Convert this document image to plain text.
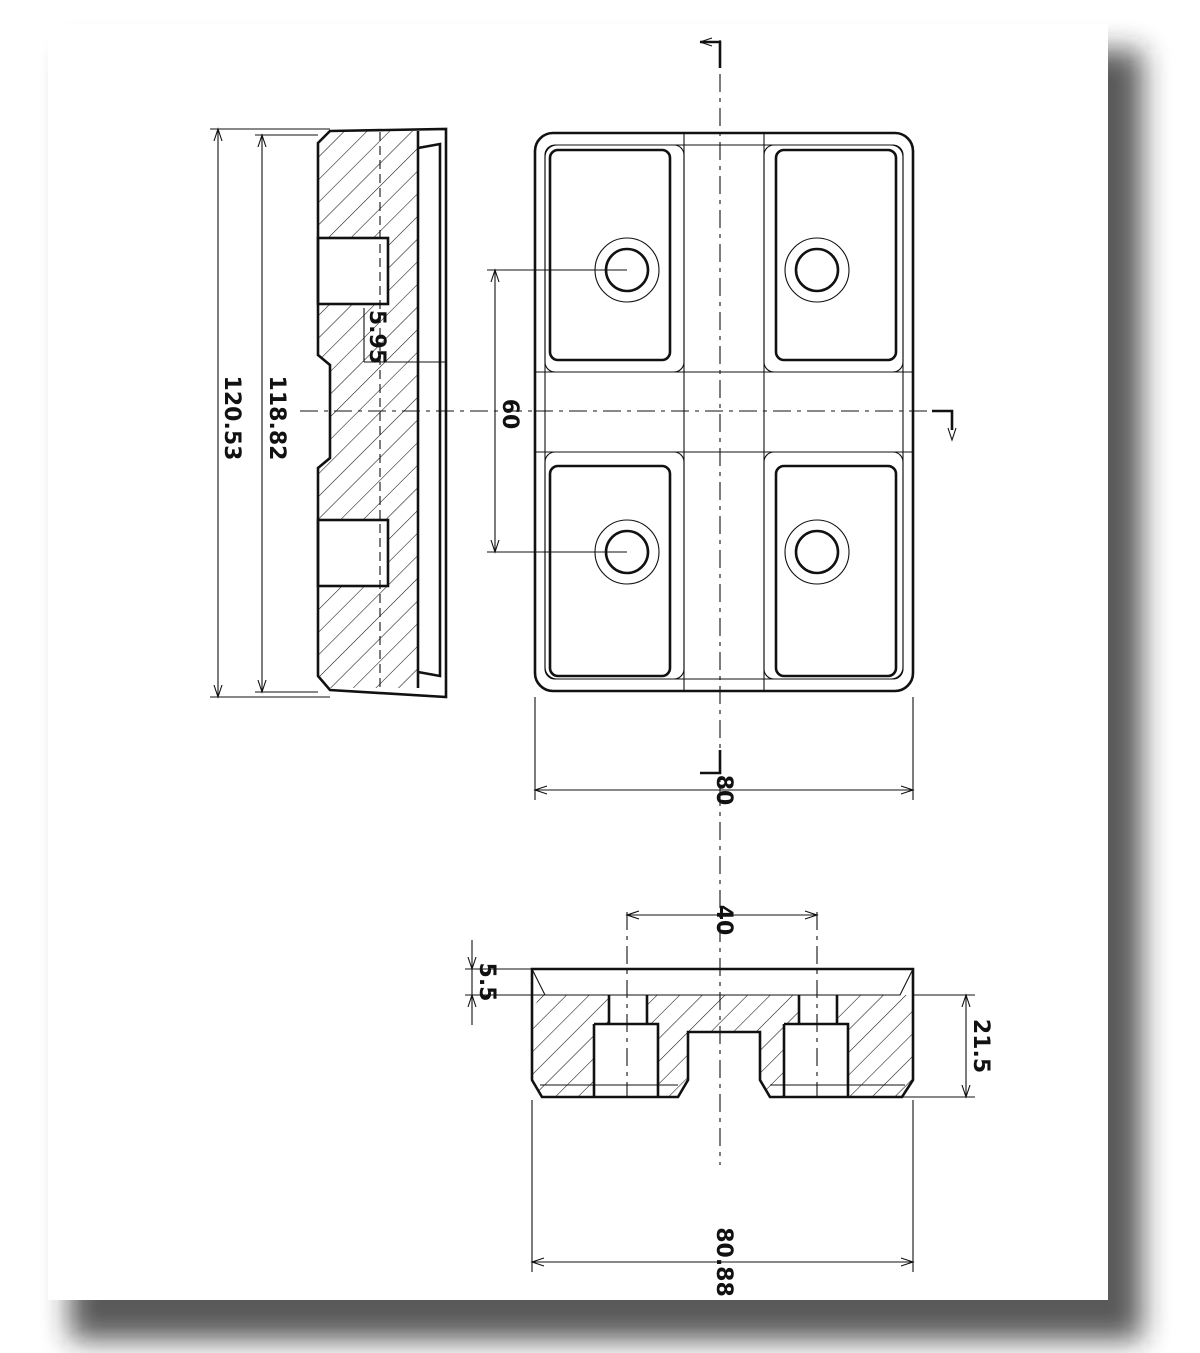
120.53 118.82
5.95
60
80
40
5.5
21.5
80.88
